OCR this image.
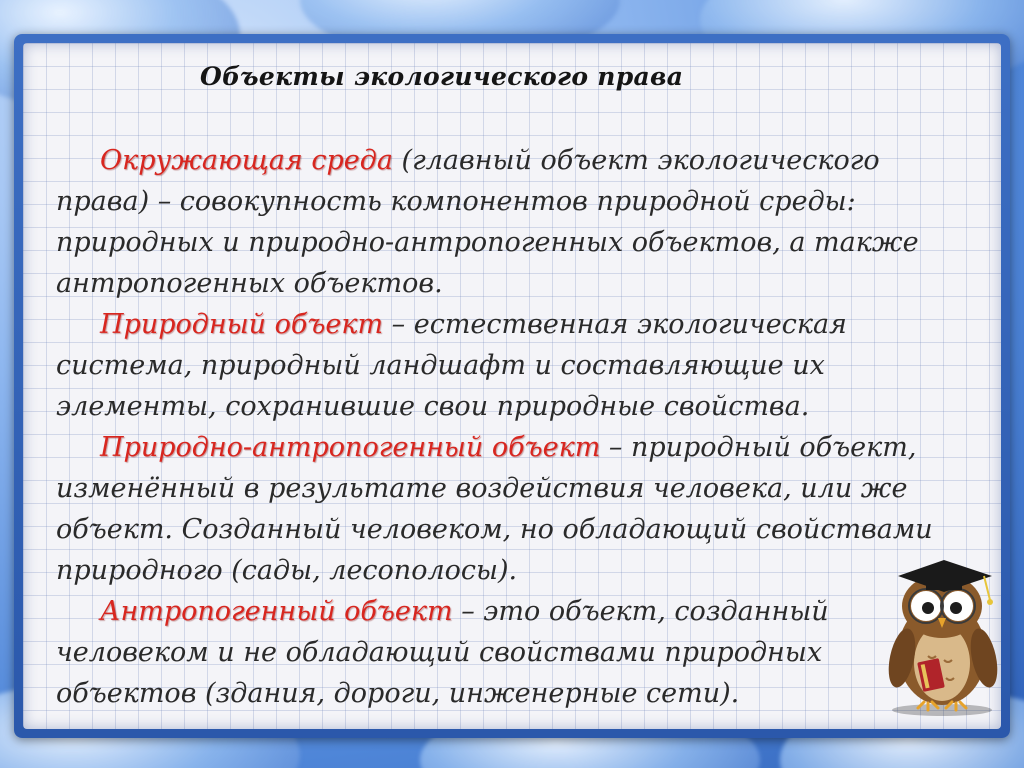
Объекты экологического права

Окружающая среда (главный объект экологического права) – совокупность компонентов природной среды: природных и природно-антропогенных объектов, а также антропогенных объектов.

Природный объект – естественная экологическая система, природный ландшафт и составляющие их элементы, сохранившие свои природные свойства.

Природно-антропогенный объект – природный объект, изменённый в результате воздействия человека, или же объект. Созданный человеком, но обладающий свойствами природного (сады, лесополосы).

Антропогенный объект – это объект, созданный человеком и не обладающий свойствами природных объектов (здания, дороги, инженерные сети).
